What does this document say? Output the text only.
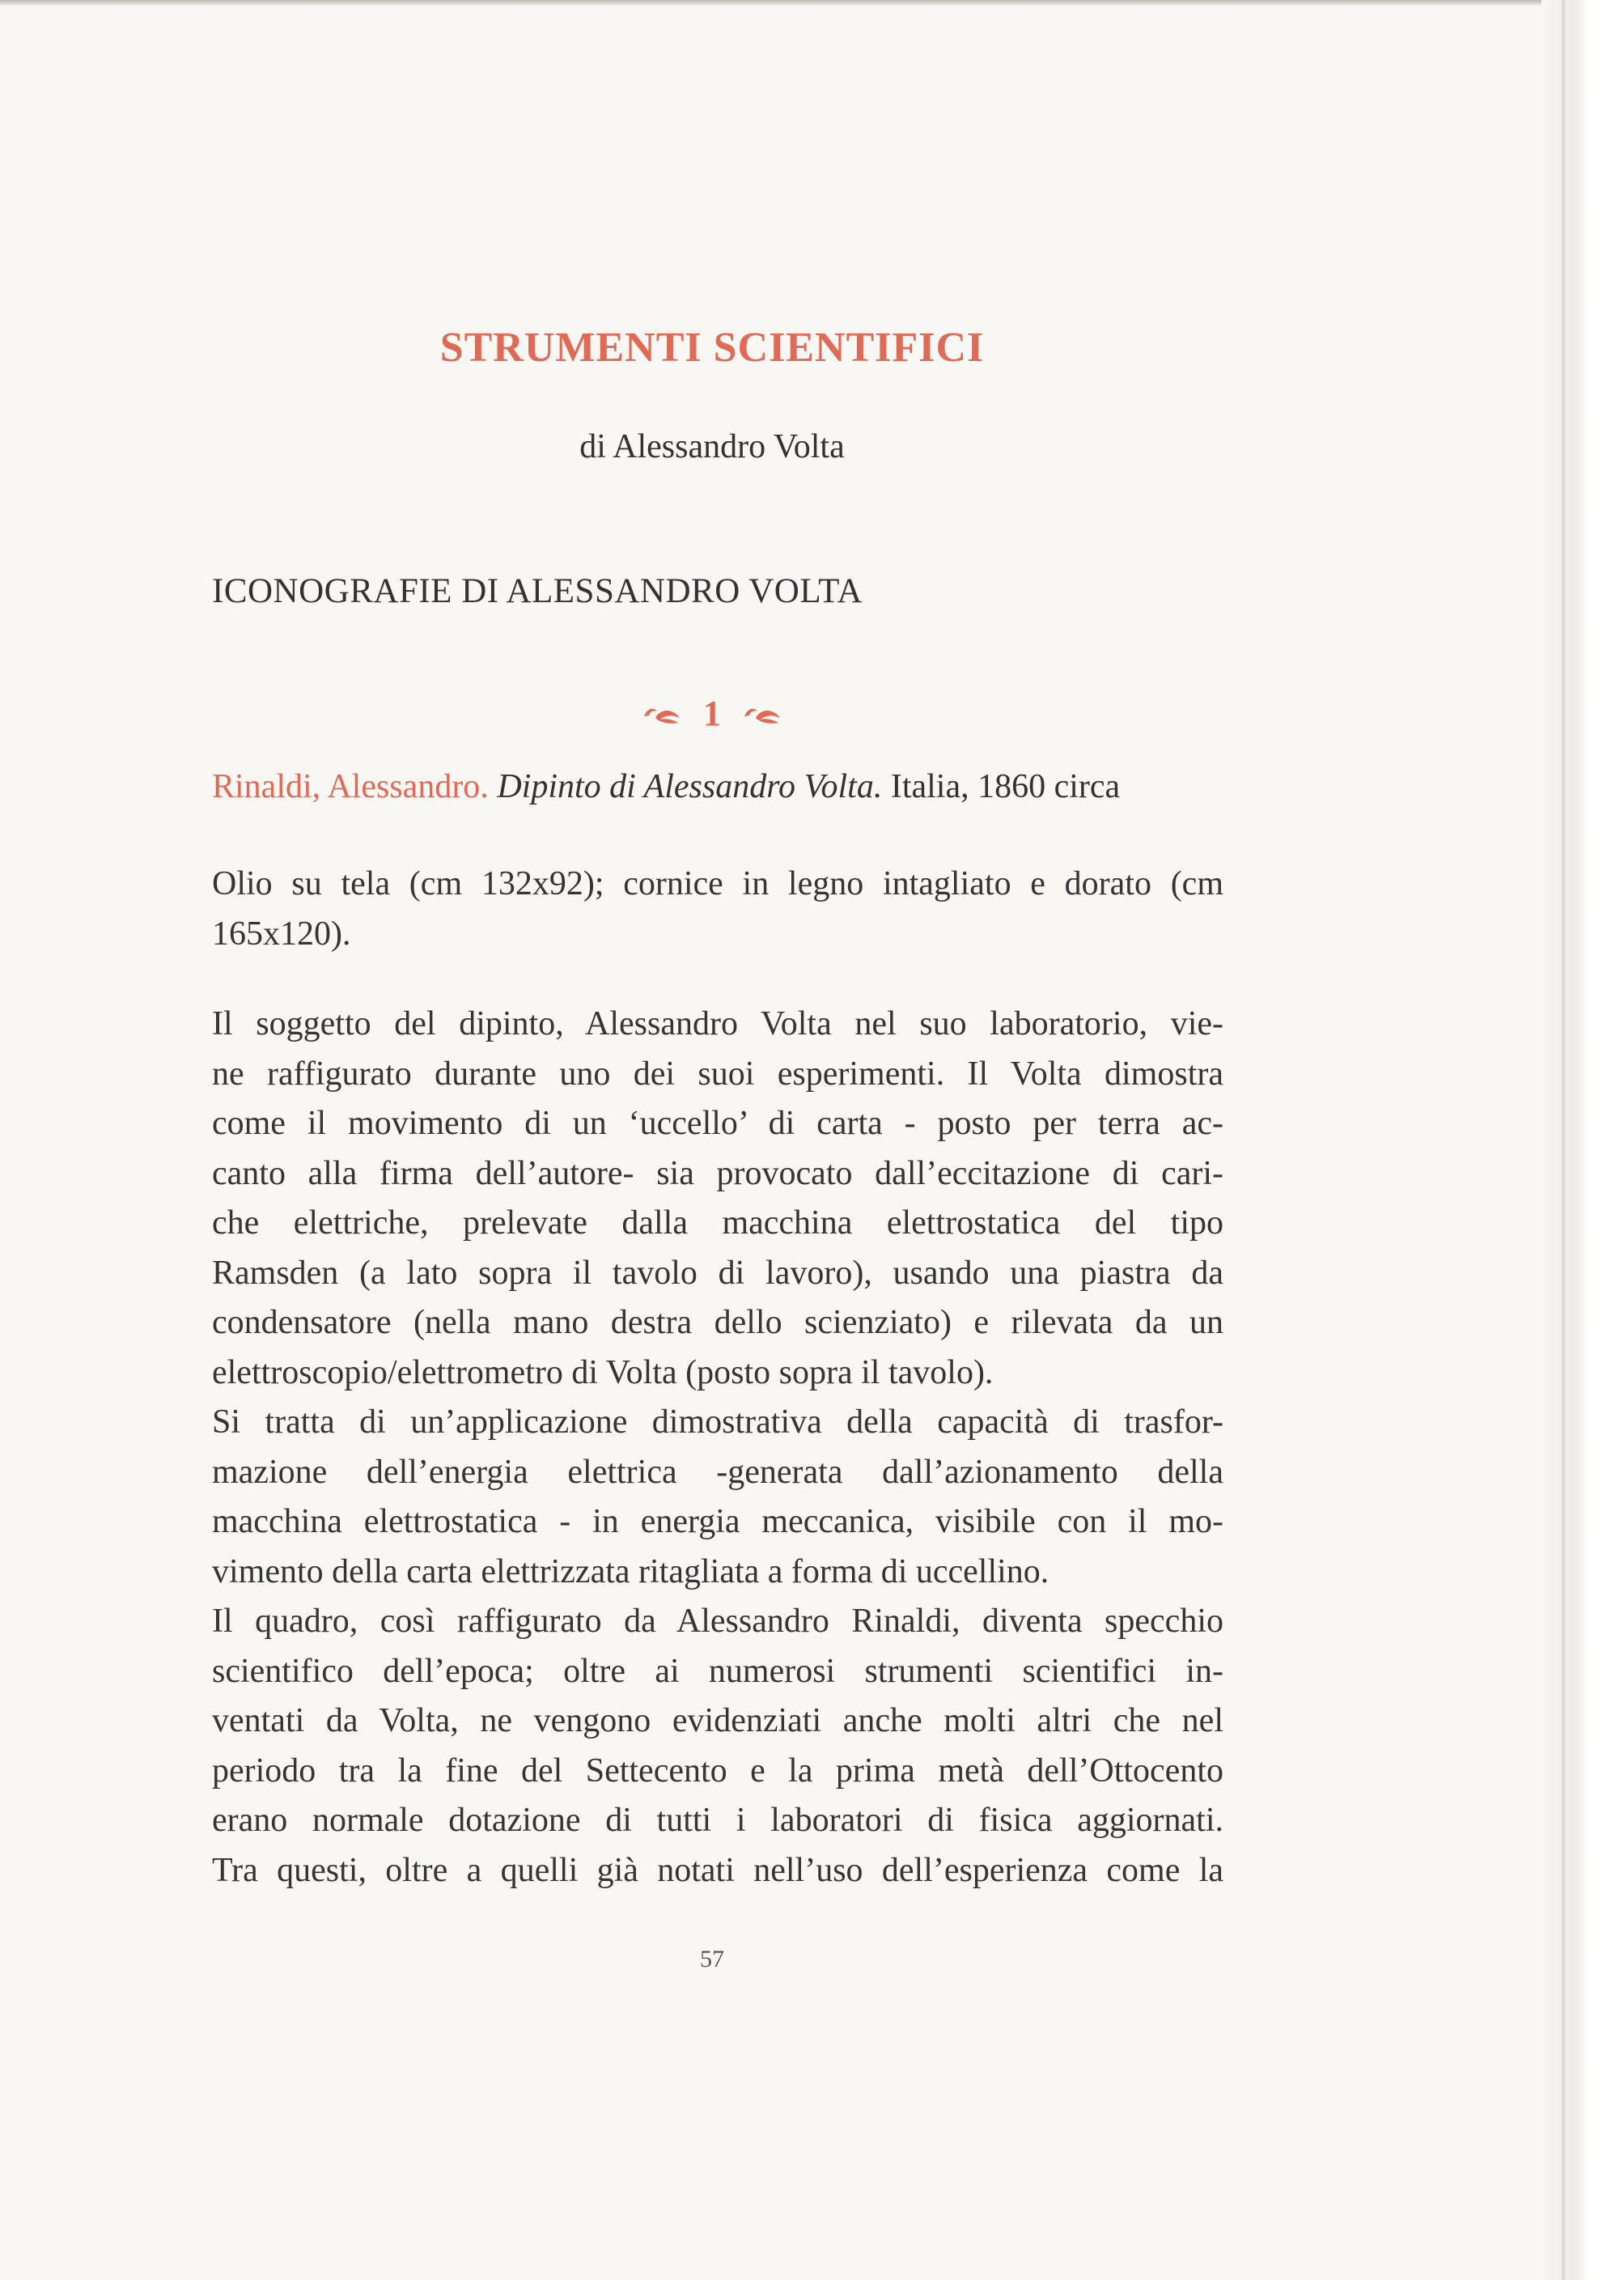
STRUMENTI SCIENTIFICI
di Alessandro Volta
ICONOGRAFIE DI ALESSANDRO VOLTA
1
Rinaldi, Alessandro. Dipinto di Alessandro Volta. Italia, 1860 circa
Olio su tela (cm 132x92); cornice in legno intagliato e dorato (cm
165x120).
Il soggetto del dipinto, Alessandro Volta nel suo laboratorio, vie-
ne raffigurato durante uno dei suoi esperimenti. Il Volta dimostra
come il movimento di un ‘uccello’ di carta - posto per terra ac-
canto alla firma dell’autore- sia provocato dall’eccitazione di cari-
che elettriche, prelevate dalla macchina elettrostatica del tipo
Ramsden (a lato sopra il tavolo di lavoro), usando una piastra da
condensatore (nella mano destra dello scienziato) e rilevata da un
elettroscopio/elettrometro di Volta (posto sopra il tavolo).
Si tratta di un’applicazione dimostrativa della capacità di trasfor-
mazione dell’energia elettrica -generata dall’azionamento della
macchina elettrostatica - in energia meccanica, visibile con il mo-
vimento della carta elettrizzata ritagliata a forma di uccellino.
Il quadro, così raffigurato da Alessandro Rinaldi, diventa specchio
scientifico dell’epoca; oltre ai numerosi strumenti scientifici in-
ventati da Volta, ne vengono evidenziati anche molti altri che nel
periodo tra la fine del Settecento e la prima metà dell’Ottocento
erano normale dotazione di tutti i laboratori di fisica aggiornati.
Tra questi, oltre a quelli già notati nell’uso dell’esperienza come la
57
